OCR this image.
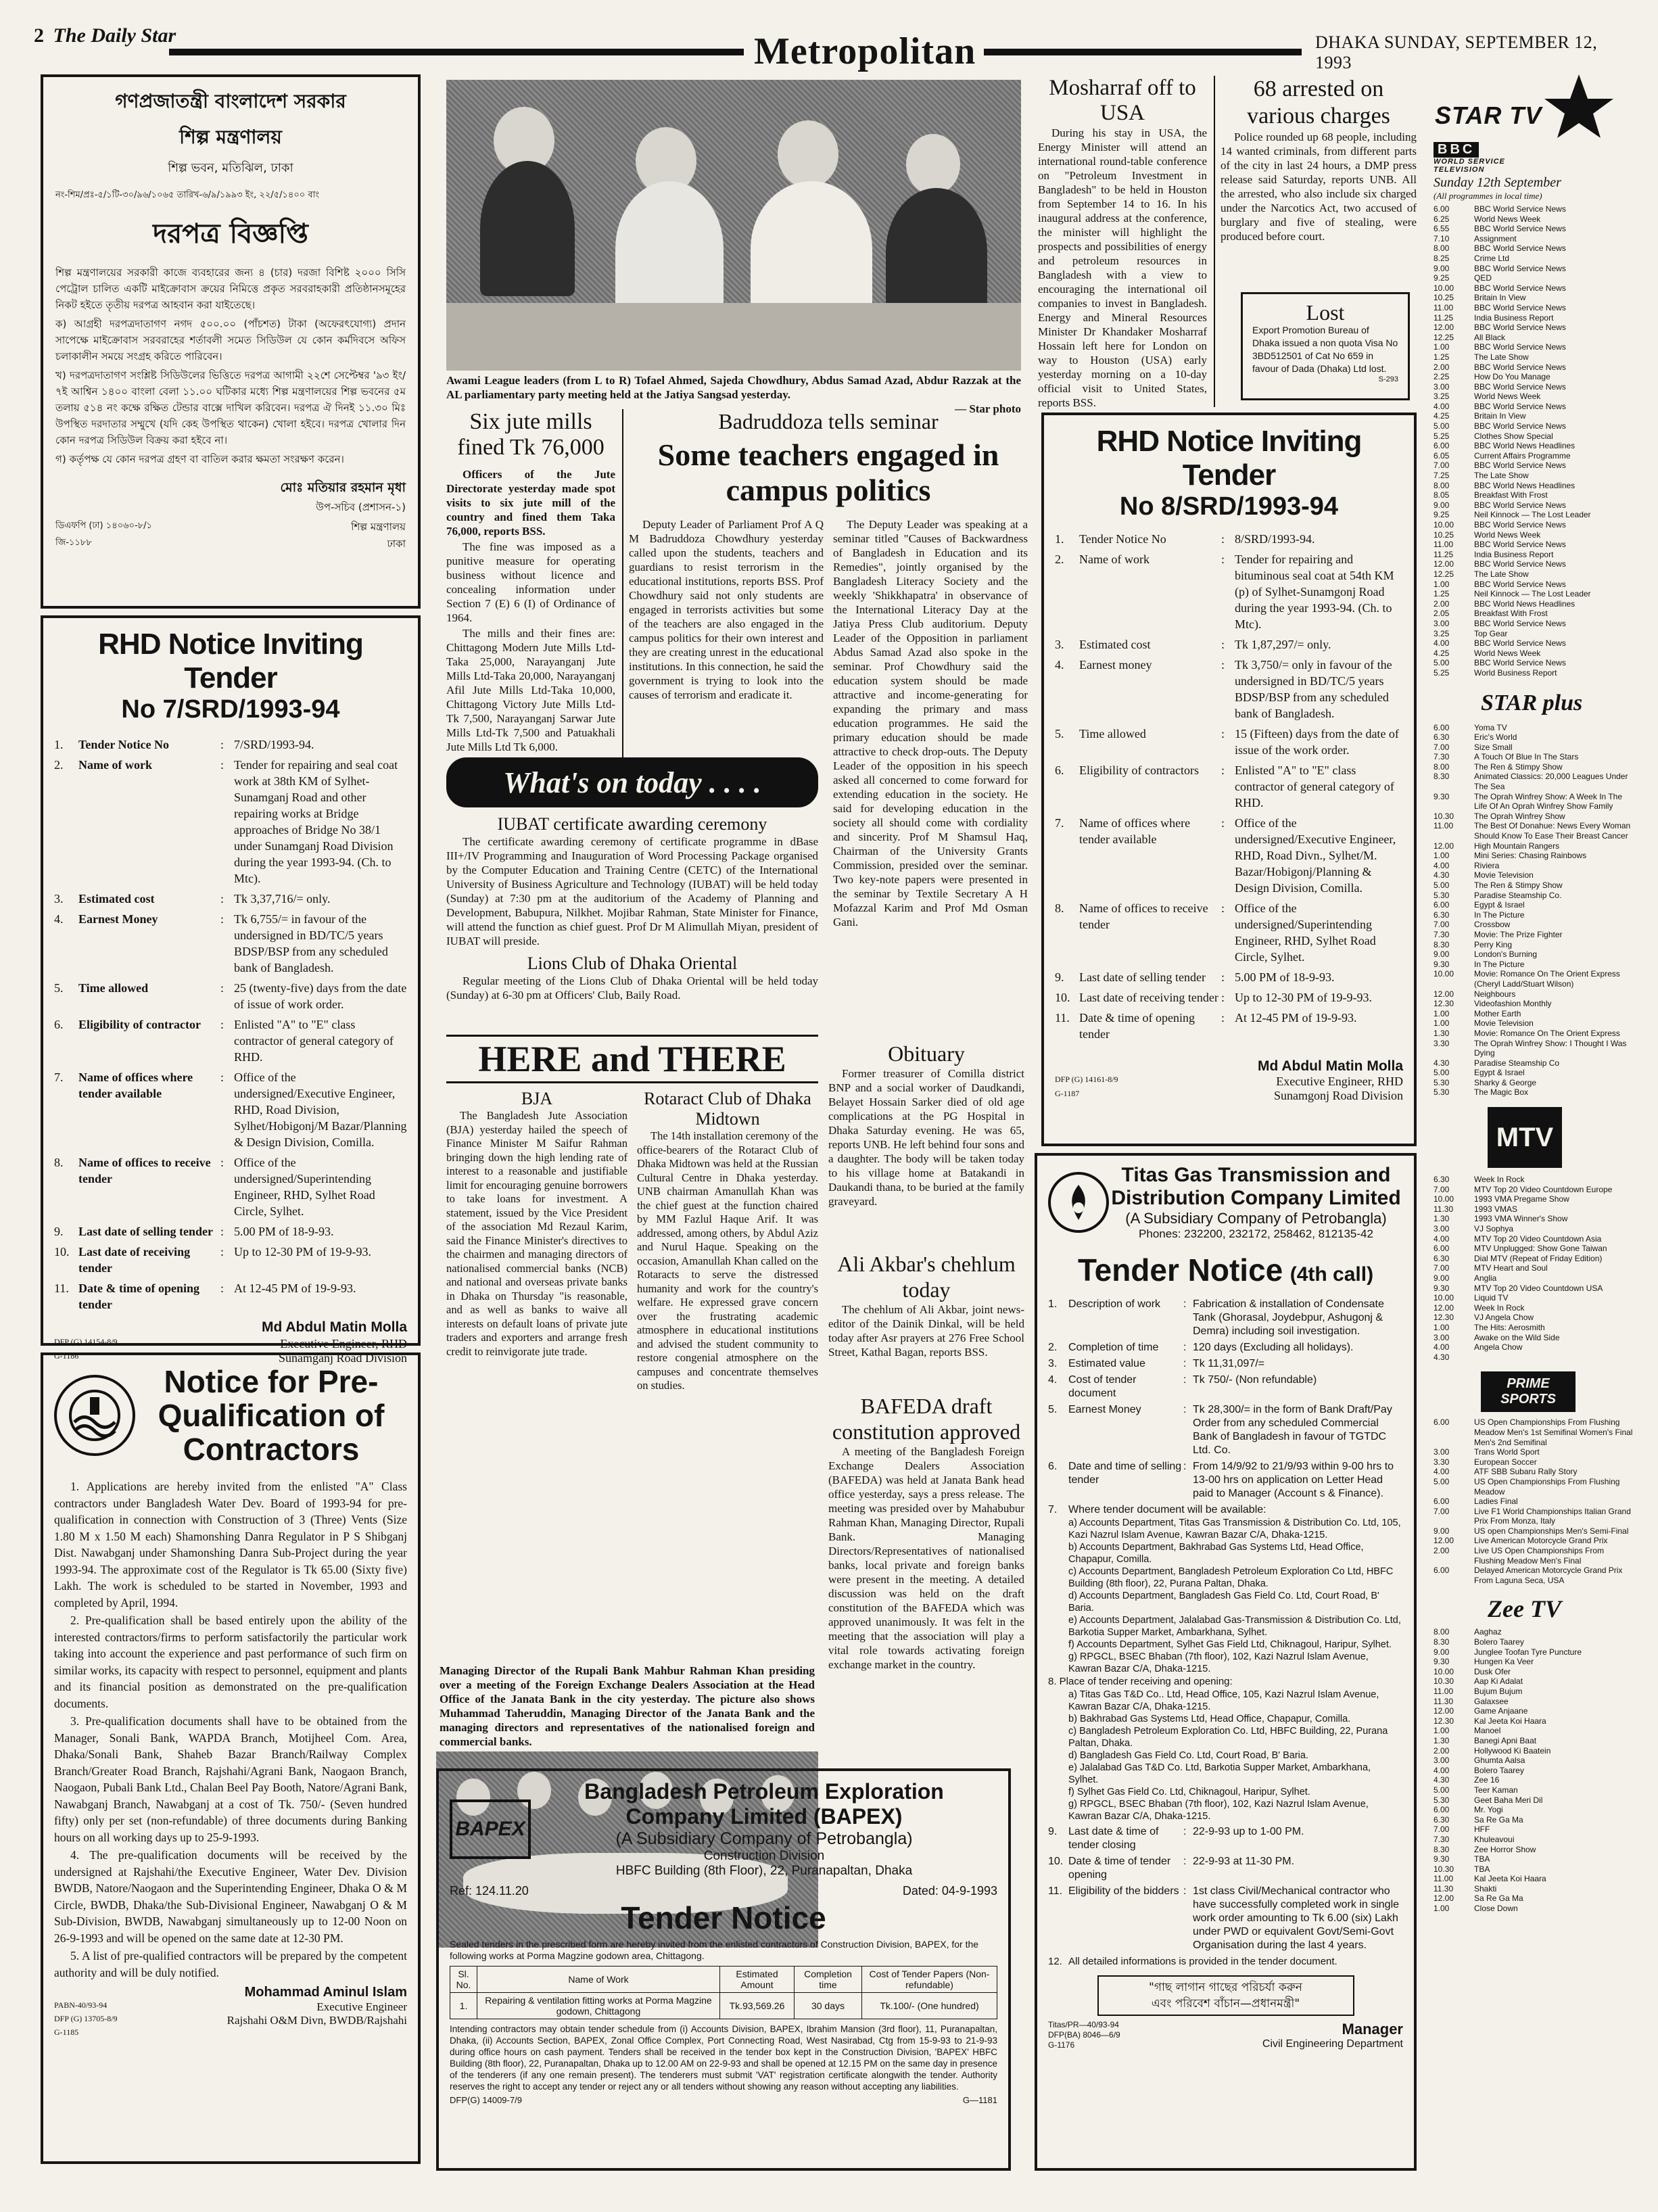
2 The Daily Star	Metropolitan	DHAKA SUNDAY, SEPTEMBER 12, 1993
গণপ্রজাতন্ত্রী বাংলাদেশ সরকার
শিল্প মন্ত্রণালয়
শিল্প ভবন, মতিঝিল, ঢাকা
নং-শিম/প্রঃ-৫/১টি-৩০/৯৬/১০৬৫ তারিখ-৬/৯/১৯৯৩ ইং, ২২/৫/১৪০০ বাং
দরপত্র বিজ্ঞপ্তি
শিল্প মন্ত্রণালয়ের সরকারী কাজে ব্যবহারের জন্য ৪ (চার) দরজা বিশিষ্ট ২০০০ সিসি পেট্রোল চালিত একটি মাইক্রোবাস ক্রয়ের নিমিত্তে প্রকৃত সরবরাহকারী প্রতিষ্ঠানসমূহের নিকট হইতে তৃতীয় দরপত্র আহবান করা যাইতেছে।
ক) আগ্রহী দরপত্রদাতাগণ নগদ ৫০০.০০ (পাঁচশত) টাকা (অফেরৎযোগ্য) প্রদান সাপেক্ষে মাইক্রোবাস সরবরাহের শর্তাবলী সমেত সিডিউল যে কোন কর্মদিবসে অফিস চলাকালীন সময়ে সংগ্রহ করিতে পারিবেন।
খ) দরপত্রদাতাগণ সংশ্লিষ্ট সিডিউলের ভিত্তিতে দরপত্র আগামী ২২শে সেপ্টেম্বর '৯৩ ইং/৭ই আশ্বিন ১৪০০ বাংলা বেলা ১১.০০ ঘটিকার মধ্যে শিল্প মন্ত্রণালয়ের শিল্প ভবনের ৫ম তলায় ৫১৪ নং কক্ষে রক্ষিত টেন্ডার বাক্সে দাখিল করিবেন। দরপত্র ঐ দিনই ১১.৩০ মিঃ উপস্থিত দরদাতার সম্মুখে (যদি কেহ উপস্থিত থাকেন) খোলা হইবে। দরপত্র খোলার দিন কোন দরপত্র সিডিউল বিক্রয় করা হইবে না।
গ) কর্তৃপক্ষ যে কোন দরপত্র গ্রহণ বা বাতিল করার ক্ষমতা সংরক্ষণ করেন।
মোঃ মতিয়ার রহমান মৃধা
উপ-সচিব (প্রশাসন-১)
ডিএফপি (ঢা) ১৪০৬০-৮/১	শিল্প মন্ত্রণালয়
জি-১১৮৮	ঢাকা
RHD Notice Inviting Tender
No 7/SRD/1993-94
1.	Tender Notice No	: 7/SRD/1993-94.
2.	Name of work	: Tender for repairing and seal coat work at 38th KM of Sylhet-Sunamganj Road and other repairing works at Bridge approaches of Bridge No 38/1 under Sunamganj Road Division during the year 1993-94. (Ch. to Mtc).
3.	Estimated cost	: Tk 3,37,716/= only.
4.	Earnest Money	: Tk 6,755/= in favour of the undersigned in BD/TC/5 years BDSP/BSP from any scheduled bank of Bangladesh.
5.	Time allowed	: 25 (twenty-five) days from the date of issue of work order.
6.	Eligibility of contractor	: Enlisted "A" to "E" class contractor of general category of RHD.
7.	Name of offices where tender available
: Office of the undersigned/Executive Engineer, RHD, Road Division, Sylhet/Hobigonj/M Bazar/Planning & Design Division, Comilla.
8.	Name of offices to receive tender
: Office of the undersigned/Superintending Engineer, RHD, Sylhet Road Circle, Sylhet.
9.	Last date of selling tender : 5.00 PM of 18-9-93.
10. Last date of receiving tender
: Up to 12-30 PM of 19-9-93.
11. Date & time of opening tender
: At 12-45 PM of 19-9-93.
Md Abdul Matin Molla
DFP (G) 14154-8/9	Executive Engineer, RHD
G-1186	Sunamganj Road Division
Notice for Pre-Qualification of Contractors

1. Applications are hereby invited from the enlisted "A" Class contractors under Bangladesh Water Dev. Board of 1993-94 for pre-qualification in connection with Construction of 3 (Three) Vents (Size 1.80 M x 1.50 M each) Shamonshing Danra Regulator in P S Shibganj Dist. Nawabganj under Shamonshing Danra Sub-Project during the year 1993-94. The approximate cost of the Regulator is Tk 65.00 (Sixty five) Lakh. The work is scheduled to be started in November, 1993 and completed by April, 1994.

2. Pre-qualification shall be based entirely upon the ability of the interested contractors/firms to perform satisfactorily the particular work taking into account the experience and past performance of such firm on similar works, its capacity with respect to personnel, equipment and plants and its financial position as demonstrated on the pre-qualification documents.

3. Pre-qualification documents shall have to be obtained from the Manager, Sonali Bank, WAPDA Branch, Motijheel Com. Area, Dhaka/Sonali Bank, Shaheb Bazar Branch/Railway Complex Branch/Greater Road Branch, Rajshahi/Agrani Bank, Naogaon Branch, Naogaon, Pubali Bank Ltd., Chalan Beel Pay Booth, Natore/Agrani Bank, Nawabganj Branch, Nawabganj at a cost of Tk. 750/- (Seven hundred fifty) only per set (non-refundable) of three documents during Banking hours on all working days up to 25-9-1993.

4. The pre-qualification documents will be received by the undersigned at Rajshahi/the Executive Engineer, Water Dev. Division BWDB, Natore/Naogaon and the Superintending Engineer, Dhaka O & M Circle, BWDB, Dhaka/the Sub-Divisional Engineer, Nawabganj O & M Sub-Division, BWDB, Nawabganj simultaneously up to 12-00 Noon on 26-9-1993 and will be opened on the same date at 12-30 PM.

5. A list of pre-qualified contractors will be prepared by the competent authority and will be duly notified.

Mohammad Aminul Islam
PABN-40/93-94	Executive Engineer
DFP (G) 13705-8/9	Rajshahi O&M Divn, BWDB/Rajshahi
G-1185
Awami League leaders (from L to R) Tofael Ahmed, Sajeda Chowdhury, Abdus Samad Azad, Abdur Razzak at the AL parliamentary party meeting held at the Jatiya Sangsad yesterday.
— Star photo
Six jute mills fined Tk 76,000

Officers of the Jute Directorate yesterday made spot visits to six jute mill of the country and fined them Taka 76,000, reports BSS.

The fine was imposed as a punitive measure for operating business without licence and concealing information under Section 7 (E) 6 (I) of Ordinance of 1964.

The mills and their fines are: Chittagong Modern Jute Mills Ltd-Taka 25,000, Narayanganj Jute Mills Ltd-Taka 20,000, Narayanganj Afil Jute Mills Ltd-Taka 10,000, Chittagong Victory Jute Mills Ltd-Tk 7,500, Narayanganj Sarwar Jute Mills Ltd-Tk 7,500 and Patuakhali Jute Mills Ltd Tk 6,000.

Badruddoza tells seminar
Some teachers engaged in campus politics
Deputy Leader of Parliament Prof A Q M Badruddoza Chowdhury yesterday called upon the students, teachers and guardians to resist terrorism in the educational institutions, reports BSS. Prof Chowdhury said not only students are engaged in terrorists activities but some of the teachers are also engaged in the campus politics for their own interest and they are creating unrest in the educational institutions. In this connection, he said the government is trying to look into the causes of terrorism and eradicate it.
The Deputy Leader was speaking at a seminar titled "Causes of Backwardness of Bangladesh in Education and its Remedies", jointly organised by the Bangladesh Literacy Society and the weekly 'Shikkhapatra' in observance of the International Literacy Day at the Jatiya Press Club auditorium. Deputy Leader of the Opposition in parliament Abdus Samad Azad also spoke in the seminar. Prof Chowdhury said the education system should be made attractive and income-generating for expanding the primary and mass education programmes. He said the primary education should be made attractive to check drop-outs. The Deputy Leader of the opposition in his speech asked all concerned to come forward for extending education in the society. He said for developing education in the society all should come with cordiality and sincerity. Prof M Shamsul Haq, Chairman of the University Grants Commission, presided over the seminar. Two key-note papers were presented in the seminar by Textile Secretary A H Mofazzal Karim and Prof Md Osman Gani.
What's on today . . . .
IUBAT certificate awarding ceremony
The certificate awarding ceremony of certificate programme in dBase III+/IV Programming and Inauguration of Word Processing Package organised by the Computer Education and Training Centre (CETC) of the International University of Business Agriculture and Technology (IUBAT) will be held today (Sunday) at 7:30 pm at the auditorium of the Academy of Planning and Development, Babupura, Nilkhet. Mojibar Rahman, State Minister for Finance, will attend the function as chief guest. Prof Dr M Alimullah Miyan, president of IUBAT will preside.
Lions Club of Dhaka Oriental
Regular meeting of the Lions Club of Dhaka Oriental will be held today (Sunday) at 6-30 pm at Officers' Club, Baily Road.
HERE and THERE
BJA
The Bangladesh Jute Association (BJA) yesterday hailed the speech of Finance Minister M Saifur Rahman bringing down the high lending rate of interest to a reasonable and justifiable limit for encouraging genuine borrowers to take loans for investment. A statement, issued by the Vice President of the association Md Rezaul Karim, said the Finance Minister's directives to the chairmen and managing directors of nationalised commercial banks (NCB) and national and overseas private banks in Dhaka on Thursday "is reasonable, and as well as banks to waive all interests on default loans of private jute traders and exporters and arrange fresh credit to reinvigorate jute trade.
Rotaract Club of Dhaka Midtown
The 14th installation ceremony of the office-bearers of the Rotaract Club of Dhaka Midtown was held at the Russian Cultural Centre in Dhaka yesterday. UNB chairman Amanullah Khan was the chief guest at the function chaired by MM Fazlul Haque Arif. It was addressed, among others, by Abdul Aziz and Nurul Haque. Speaking on the occasion, Amanullah Khan called on the Rotaracts to serve the distressed humanity and work for the country's welfare. He expressed grave concern over the frustrating academic atmosphere in educational institutions and advised the student community to restore congenial atmosphere on the campuses and concentrate themselves on studies.
Obituary
Former treasurer of Comilla district BNP and a social worker of Daudkandi, Belayet Hossain Sarker died of old age complications at the PG Hospital in Dhaka Saturday evening. He was 65, reports UNB. He left behind four sons and a daughter. The body will be taken today to his village home at Batakandi in Daukandi thana, to be buried at the family graveyard.
Ali Akbar's chehlum today
The chehlum of Ali Akbar, joint news-editor of the Dainik Dinkal, will be held today after Asr prayers at 276 Free School Street, Kathal Bagan, reports BSS.
BAFEDA draft constitution approved
A meeting of the Bangladesh Foreign Exchange Dealers Association (BAFEDA) was held at Janata Bank head office yesterday, says a press release. The meeting was presided over by Mahabubur Rahman Khan, Managing Director, Rupali Bank. Managing Directors/Representatives of nationalised banks, local private and foreign banks were present in the meeting. A detailed discussion was held on the draft constitution of the BAFEDA which was approved unanimously. It was felt in the meeting that the association will play a vital role towards activating foreign exchange market in the country.
Managing Director of the Rupali Bank Mahbur Rahman Khan presiding over a meeting of the Foreign Exchange Dealers Association at the Head Office of the Janata Bank in the city yesterday. The picture also shows Muhammad Taheruddin, Managing Director of the Janata Bank and the managing directors and representatives of the nationalised foreign and commercial banks.
BAPEX
Bangladesh Petroleum Exploration
Company Limited (BAPEX)
(A Subsidiary Company of Petrobangla)
Construction Division
HBFC Building (8th Floor), 22, Puranapaltan, Dhaka
Ref: 124.11.20	Dated: 04-9-1993
Tender Notice
Sealed tenders in the prescribed form are hereby invited from the enlisted contractors of Construction Division, BAPEX, for the following works at Porma Magzine godown area, Chittagong.
Sl. No.	Name of Work	Estimated Amount	Completion time	Cost of Tender Papers (Non-refundable)
1.	Repairing & ventilation fitting works at Porma Magzine godown, Chittagong	Tk.93,569.26	30 days	Tk.100/- (One hundred)
Intending contractors may obtain tender schedule from (i) Accounts Division, BAPEX, Ibrahim Mansion (3rd floor), 11, Puranapaltan, Dhaka, (ii) Accounts Section, BAPEX, Zonal Office Complex, Port Connecting Road, West Nasirabad, Ctg from 15-9-93 to 21-9-93 during office hours on cash payment. Tenders shall be received in the tender box kept in the Construction Division, 'BAPEX' HBFC Building (8th floor), 22, Puranapaltan, Dhaka up to 12.00 AM on 22-9-93 and shall be opened at 12.15 PM on the same day in presence of the tenderers (if any one remain present). The tenderers must submit 'VAT' registration certificate alongwith the tender. Authority reserves the right to accept any tender or reject any or all tenders without showing any reason without accepting any liabilities.
DFP(G) 14009-7/9	G—1181
Mosharraf off to USA
During his stay in USA, the Energy Minister will attend an international round-table conference on "Petroleum Investment in Bangladesh" to be held in Houston from September 14 to 16. In his inaugural address at the conference, the minister will highlight the prospects and possibilities of energy and petroleum resources in Bangladesh with a view to encouraging the international oil companies to invest in Bangladesh. Energy and Mineral Resources Minister Dr Khandaker Mosharraf Hossain left here for London on way to Houston (USA) early yesterday morning on a 10-day official visit to United States, reports BSS.
68 arrested on various charges
Police rounded up 68 people, including 14 wanted criminals, from different parts of the city in last 24 hours, a DMP press release said Saturday, reports UNB. All the arrested, who also include six charged under the Narcotics Act, two accused of burglary and five of stealing, were produced before court.
Lost
Export Promotion Bureau of Dhaka issued a non quota Visa No 3BD512501 of Cat No 659 in favour of Dada (Dhaka) Ltd lost.
S-293
RHD Notice Inviting Tender
No 8/SRD/1993-94
1.	Tender Notice No	: 8/SRD/1993-94.
2.	Name of work	: Tender for repairing and bituminous seal coat at 54th KM (p) of Sylhet-Sunamgonj Road during the year 1993-94. (Ch. to Mtc).
3.	Estimated cost	: Tk 1,87,297/= only.
4.	Earnest money	: Tk 3,750/= only in favour of the undersigned in BD/TC/5 years BDSP/BSP from any scheduled bank of Bangladesh.
5.	Time allowed	: 15 (Fifteen) days from the date of issue of the work order.
6.	Eligibility of contractors	: Enlisted "A" to "E" class contractor of general category of RHD.
7.	Name of offices where tender available
: Office of the undersigned/Executive Engineer, RHD, Road Divn., Sylhet/M. Bazar/Hobigonj/Planning & Design Division, Comilla.
8.	Name of offices to receive tender
: Office of the undersigned/Superintending Engineer, RHD, Sylhet Road Circle, Sylhet.
9.	Last date of selling tender	: 5.00 PM of 18-9-93.
10. Last date of receiving tender : Up to 12-30 PM of 19-9-93.
11. Date & time of opening tender
: At 12-45 PM of 19-9-93.
Md Abdul Matin Molla
DFP (G) 14161-8/9	Executive Engineer, RHD
G-1187	Sunamgonj Road Division
Titas Gas Transmission and
Distribution Company Limited
(A Subsidiary Company of Petrobangla)
Phones: 232200, 232172, 258462, 812135-42
Tender Notice (4th call)
1.	Description of work	: Fabrication & installation of Condensate Tank (Ghorasal, Joydebpur, Ashugonj & Demra) including soil investigation.
2.	Completion of time	: 120 days (Excluding all holidays).
3.	Estimated value	: Tk 11,31,097/=
4.	Cost of tender document
: Tk 750/- (Non refundable)
5.	Earnest Money	: Tk 28,300/= in the form of Bank Draft/Pay Order from any scheduled Commercial Bank of Bangladesh in favour of TGTDC Ltd. Co.
6.	Date and time of selling tender
: From 14/9/92 to 21/9/93 within 9-00 hrs to 13-00 hrs on application on Letter Head paid to Manager (Account s & Finance).
7.	Where tender document will be available:
a) Accounts Department, Titas Gas Transmission & Distribution Co. Ltd, 105, Kazi Nazrul Islam Avenue, Kawran Bazar C/A, Dhaka-1215.
b) Accounts Department, Bakhrabad Gas Systems Ltd, Head Office, Chapapur, Comilla.
c) Accounts Department, Bangladesh Petroleum Exploration Co Ltd, HBFC Building (8th floor), 22, Purana Paltan, Dhaka.
d) Accounts Department, Bangladesh Gas Field Co. Ltd, Court Road, B' Baria.
e) Accounts Department, Jalalabad Gas-Transmission & Distribution Co. Ltd, Barkotia Supper Market, Ambarkhana, Sylhet.
f) Accounts Department, Sylhet Gas Field Ltd, Chiknagoul, Haripur, Sylhet.
g) RPGCL, BSEC Bhaban (7th floor), 102, Kazi Nazrul Islam Avenue, Kawran Bazar C/A, Dhaka-1215.
8. Place of tender receiving and opening:
a) Titas Gas T&D Co.. Ltd, Head Office, 105, Kazi Nazrul Islam Avenue, Kawran Bazar C/A, Dhaka-1215.
b) Bakhrabad Gas Systems Ltd, Head Office, Chapapur, Comilla.
c) Bangladesh Petroleum Exploration Co. Ltd, HBFC Building, 22, Purana Paltan, Dhaka.
d) Bangladesh Gas Field Co. Ltd, Court Road, B' Baria.
e) Jalalabad Gas T&D Co. Ltd, Barkotia Supper Market, Ambarkhana, Sylhet.
f) Sylhet Gas Field Co. Ltd, Chiknagoul, Haripur, Sylhet.
g) RPGCL, BSEC Bhaban (7th floor), 102, Kazi Nazrul Islam Avenue, Kawran Bazar C/A, Dhaka-1215.
9.	Last date & time of tender closing
: 22-9-93 up to 1-00 PM.
10. Date & time of tender opening
: 22-9-93 at 11-30 PM.
11. Eligibility of the bidders : 1st class Civil/Mechanical contractor who have successfully completed work in single work order amounting to Tk 6.00 (six) Lakh under PWD or equivalent Govt/Semi-Govt Organisation during the last 4 years.
12. All detailed informations is provided in the tender document.
"গাছ লাগান গাছের পরিচর্যা করুন
এবং পরিবেশ বাঁচান—প্রধানমন্ত্রী"
Titas/PR—40/93-94
DFP(BA) 8046—6/9
G-1176
Manager
Civil Engineering Department
STAR TV
BBC
WORLD SERVICE TELEVISION
Sunday 12th September
(All programmes in local time)
6.00	BBC World Service News
6.25	World News Week
6.55	BBC World Service News
7.10	Assignment
8.00	BBC World Service News
8.25	Crime Ltd
9.00	BBC World Service News
9.25	QED
10.00	BBC World Service News
10.25	Britain In View
11.00	BBC World Service News
11.25	India Business Report
12.00	BBC World Service News
12.25	All Black
1.00	BBC World Service News
1.25	The Late Show
2.00	BBC World Service News
2.25	How Do You Manage
3.00	BBC World Service News
3.25	World News Week
4.00	BBC World Service News
4.25	Britain In View
5.00	BBC World Service News
5.25	Clothes Show Special
6.00	BBC World News Headlines
6.05	Current Affairs Programme
7.00	BBC World Service News
7.25	The Late Show
8.00	BBC World News Headlines
8.05	Breakfast With Frost
9.00	BBC World Service News
9.25	Neil Kinnock — The Lost Leader
10.00	BBC World Service News
10.25	World News Week
11.00	BBC World Service News
11.25	India Business Report
12.00	BBC World Service News
12.25	The Late Show
1.00	BBC World Service News
1.25	Neil Kinnock — The Lost Leader
2.00	BBC World News Headlines
2.05	Breakfast With Frost
3.00	BBC World Service News
3.25	Top Gear
4.00	BBC World Service News
4.25	World News Week
5.00	BBC World Service News
5.25	World Business Report
STAR plus
6.00	Yoma TV
6.30	Eric's World
7.00	Size Small
7.30	A Touch Of Blue In The Stars
8.00	The Ren & Stimpy Show
8.30	Animated Classics: 20,000 Leagues Under The Sea
9.30	The Oprah Winfrey Show: A Week In The Life Of An Oprah Winfrey Show Family
10.30	The Oprah Winfrey Show
11.00	The Best Of Donahue: News Every Woman Should Know To Ease Their Breast Cancer
12.00	High Mountain Rangers
1.00	Mini Series: Chasing Rainbows
4.00	Riviera
4.30	Movie Television
5.00	The Ren & Stimpy Show
5.30	Paradise Steamship Co.
6.00	Egypt & Israel
6.30	In The Picture
7.00	Crossbow
7.30	Movie: The Prize Fighter
8.30	Perry King
9.00	London's Burning
9.30	In The Picture
10.00	Movie: Romance On The Orient Express (Cheryl Ladd/Stuart Wilson)
12.00	Neighbours
12.30	Videofashion Monthly
1.00	Mother Earth
1.00	Movie Television
1.30	Movie: Romance On The Orient Express
3.30	The Oprah Winfrey Show: I Thought I Was Dying
4.30	Paradise Steamship Co
5.00	Egypt & Israel
5.30	Sharky & George
5.30	The Magic Box
MTV
6.30	Week In Rock
7.00	MTV Top 20 Video Countdown Europe
10.00	1993 VMA Pregame Show
11.30	1993 VMAS
1.30	1993 VMA Winner's Show
3.00	VJ Sophya
4.00	MTV Top 20 Video Countdown Asia
6.00	MTV Unplugged: Show Gone Taiwan
6.30	Dial MTV (Repeat of Friday Edition)
7.00	MTV Heart and Soul
9.00	Anglia
9.30	MTV Top 20 Video Countdown USA
10.00	Liquid TV
12.00	Week In Rock
12.30	VJ Angela Chow
1.00	The Hits: Aerosmith
3.00	Awake on the Wild Side
4.00	Angela Chow
4.30
PRIME SPORTS
6.00	US Open Championships From Flushing Meadow Men's 1st Semifinal Women's Final Men's 2nd Semifinal
3.00	Trans World Sport
3.30	European Soccer
4.00	ATF SBB Subaru Rally Story
5.00	US Open Championships From Flushing Meadow
6.00	Ladies Final
7.00	Live F1 World Championships Italian Grand Prix From Monza, Italy
9.00	US open Championships Men's Semi-Final
12.00	Live American Motorcycle Grand Prix
2.00	Live US Open Championships From Flushing Meadow Men's Final
6.00	Delayed American Motorcycle Grand Prix From Laguna Seca, USA
Zee TV
8.00	Aaghaz
8.30	Bolero Taarey
9.00	Junglee Toofan Tyre Puncture
9.30	Hungen Ka Veer
10.00	Dusk Ofer
10.30	Aap Ki Adalat
11.00	Bujum Bujum
11.30	Galaxsee
12.00	Game Anjaane
12.30	Kal Jeeta Koi Haara
1.00	Manoel
1.30	Banegi Apni Baat
2.00	Hollywood Ki Baatein
3.00	Ghumta Aalsa
4.00	Bolero Taarey
4.30	Zee 16
5.00	Teer Kaman
5.30	Geet Baha Meri Dil
6.00	Mr. Yogi
6.30	Sa Re Ga Ma
7.00	HFF
7.30	Khuleavoui
8.30	Zee Horror Show
9.30	TBA
10.30	TBA
11.00	Kal Jeeta Koi Haara
11.30	Shakti
12.00	Sa Re Ga Ma
1.00	Close Down
